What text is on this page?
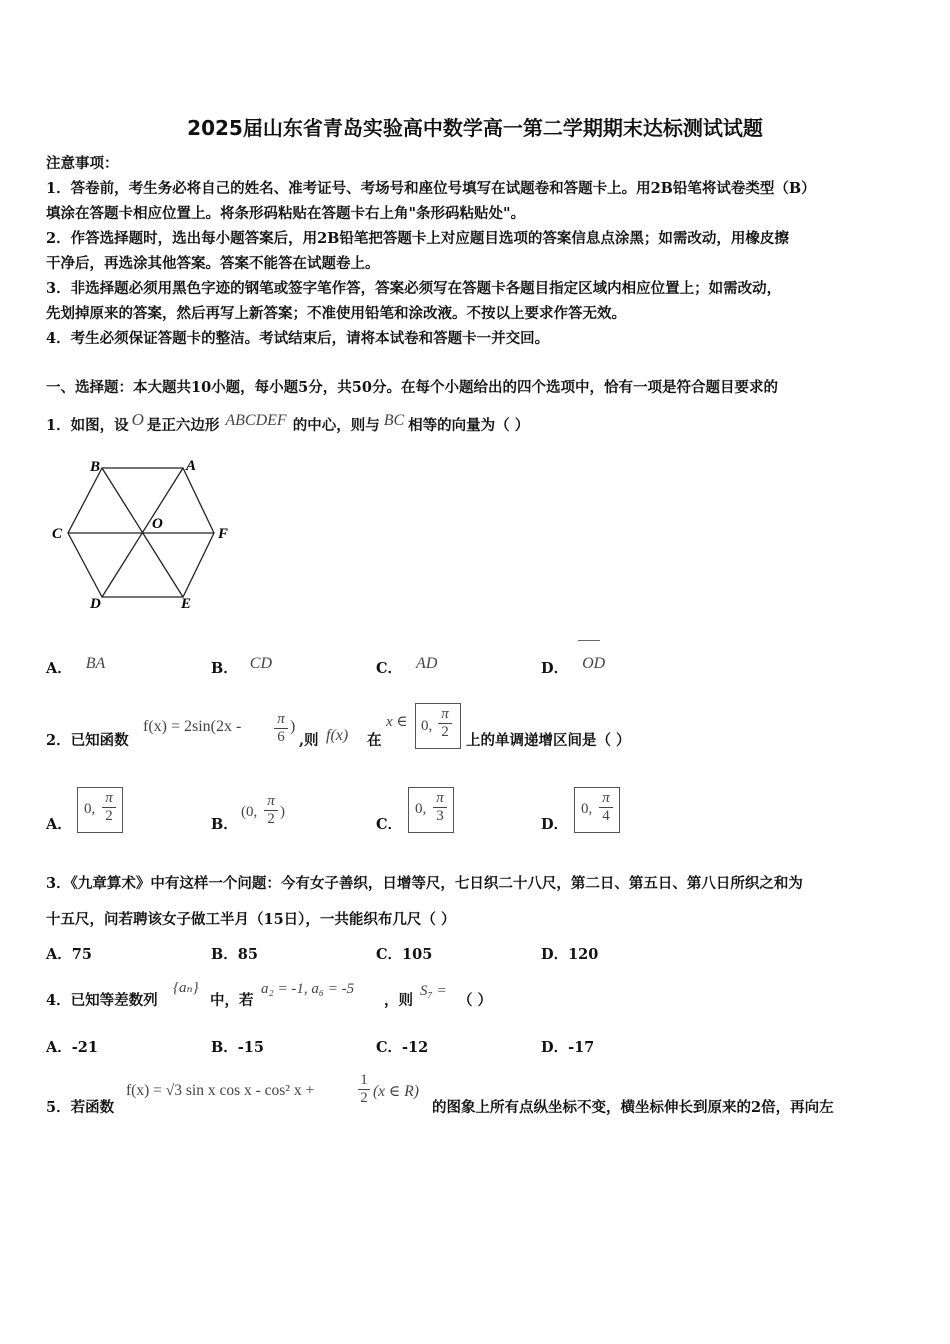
2025届山东省青岛实验高中数学高一第二学期期末达标测试试题
注意事项：
1．答卷前，考生务必将自己的姓名、准考证号、考场号和座位号填写在试题卷和答题卡上。用2B铅笔将试卷类型（B）
填涂在答题卡相应位置上。将条形码粘贴在答题卡右上角"条形码粘贴处"。
2．作答选择题时，选出每小题答案后，用2B铅笔把答题卡上对应题目选项的答案信息点涂黑；如需改动，用橡皮擦
干净后，再选涂其他答案。答案不能答在试题卷上。
3．非选择题必须用黑色字迹的钢笔或签字笔作答，答案必须写在答题卡各题目指定区域内相应位置上；如需改动，
先划掉原来的答案，然后再写上新答案；不准使用铅笔和涂改液。不按以上要求作答无效。
4．考生必须保证答题卡的整洁。考试结束后，请将本试卷和答题卡一并交回。
一、选择题：本大题共10小题，每小题5分，共50分。在每个小题给出的四个选项中，恰有一项是符合题目要求的
1．如图，设 O 是正六边形 ABCDEF 的中心，则与 BC 相等的向量为（ ）
A
B
C
D	E
F
O
A． BA	B． CD	C． AD	D． OD
2．已知函数
f(x) = 2sin(2x - π
6
)
,则 f(x) 在
x ∈ 0,
π
2 上的单调递增区间是（ ）
A．
0,
π
2	B．
(0,
π
2 )
C．
0,
π
3	D．
0,
π
4
3．《九章算术》中有这样一个问题：今有女子善织，日增等尺，七日织二十八尺，第二日、第五日、第八日所织之和为
十五尺，问若聘该女子做工半月（15日），一共能织布几尺（ ）
A．75	B．85	C．105	D．120
4．已知等差数列
{aₙ}
中，若
a₂ = -1, a₆ = -5
，则
S₇ =
（ ）
A．-21	B．-15	C．-12	D．-17
5．若函数
f(x) = √3 sin x cos x - cos² x +
1
2 (x ∈ R)
的图象上所有点纵坐标不变，横坐标伸长到原来的2倍，再向左
